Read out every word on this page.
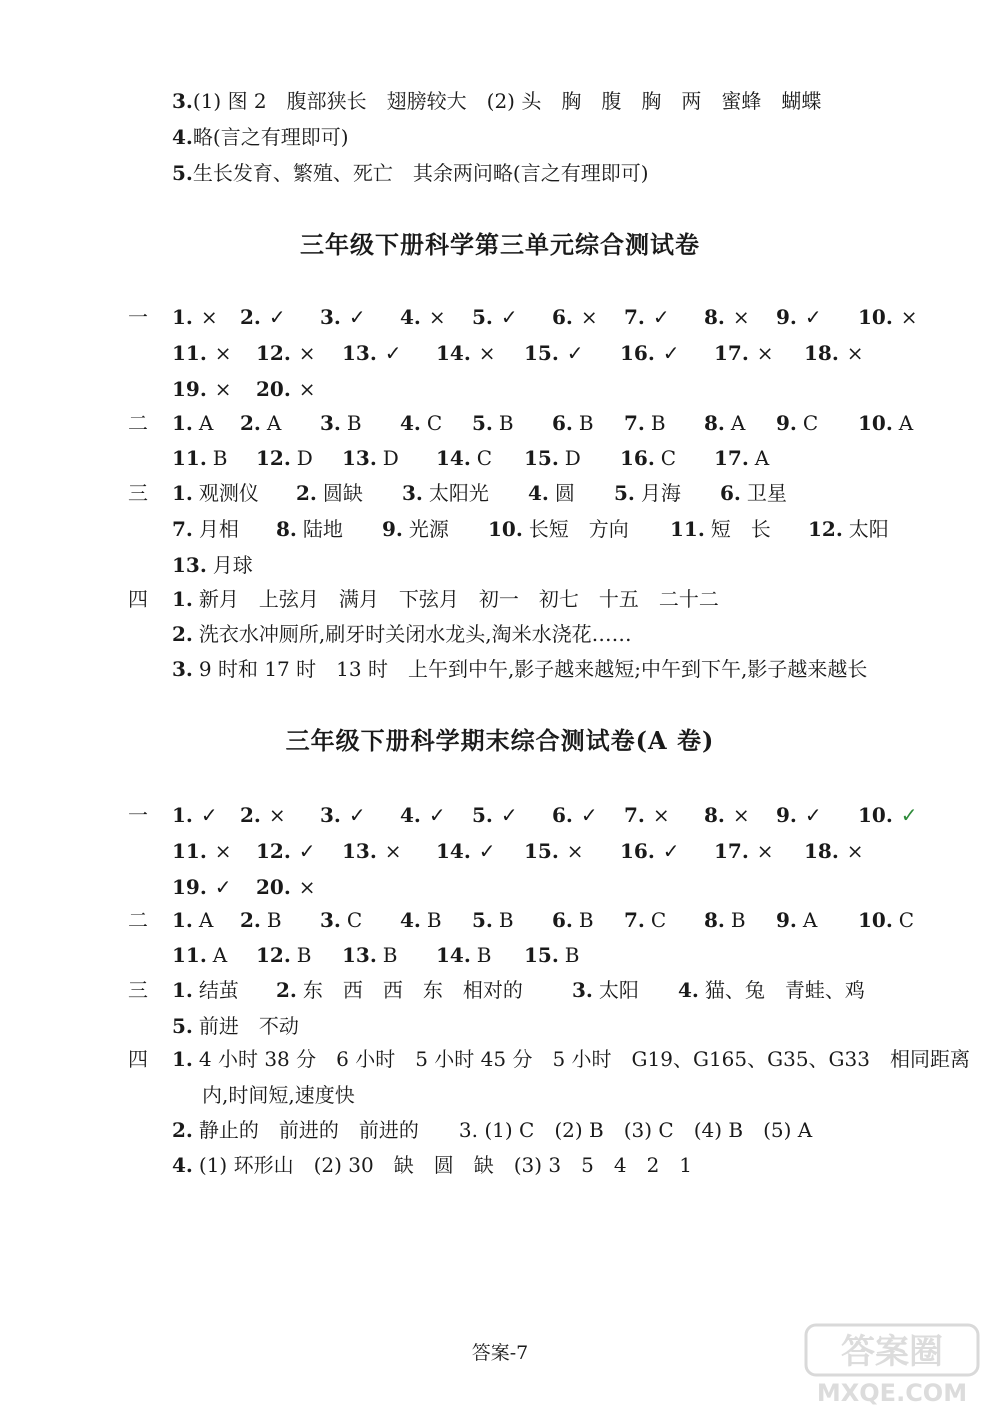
3.(1) 图 2　腹部狭长　翅膀较大　(2) 头　胸　腹　胸　两　蜜蜂　蝴蝶
4.略(言之有理即可)
5.生长发育、繁殖、死亡　其余两问略(言之有理即可)
三年级下册科学第三单元综合测试卷
一 1. × 2. ✓ 3. ✓ 4. × 5. ✓ 6. × 7. ✓ 8. × 9. ✓ 10. ×
11. × 12. × 13. ✓ 14. × 15. ✓ 16. ✓ 17. × 18. ×
19. × 20. ×
二 1. A 2. A 3. B 4. C 5. B 6. B 7. B 8. A 9. C 10. A
11. B 12. D 13. D 14. C 15. D 16. C 17. A
三 1. 观测仪 2. 圆缺 3. 太阳光 4. 圆 5. 月海 6. 卫星
7. 月相 8. 陆地 9. 光源 10. 长短　方向 11. 短　长 12. 太阳
13. 月球
四 1. 新月　上弦月　满月　下弦月　初一　初七　十五　二十二
2. 洗衣水冲厕所,刷牙时关闭水龙头,淘米水浇花……
3. 9 时和 17 时　13 时　上午到中午,影子越来越短;中午到下午,影子越来越长
三年级下册科学期末综合测试卷(A 卷)
一 1. ✓ 2. × 3. ✓ 4. ✓ 5. ✓ 6. ✓ 7. × 8. × 9. ✓ 10. ✓
11. × 12. ✓ 13. × 14. ✓ 15. × 16. ✓ 17. × 18. ×
19. ✓ 20. ×
二 1. A 2. B 3. C 4. B 5. B 6. B 7. C 8. B 9. A 10. C
11. A 12. B 13. B 14. B 15. B
三 1. 结茧 2. 东　西　西　东　相对的 3. 太阳 4. 猫、兔　青蛙、鸡
5. 前进　不动
四 1. 4 小时 38 分　6 小时　5 小时 45 分　5 小时　G19、G165、G35、G33　相同距离
内,时间短,速度快
2. 静止的　前进的　前进的　　3. (1) C　(2) B　(3) C　(4) B　(5) A
4. (1) 环形山　(2) 30　缺　圆　缺　(3) 3　5　4　2　1
答案-7	答案圈
MXQE.COM
